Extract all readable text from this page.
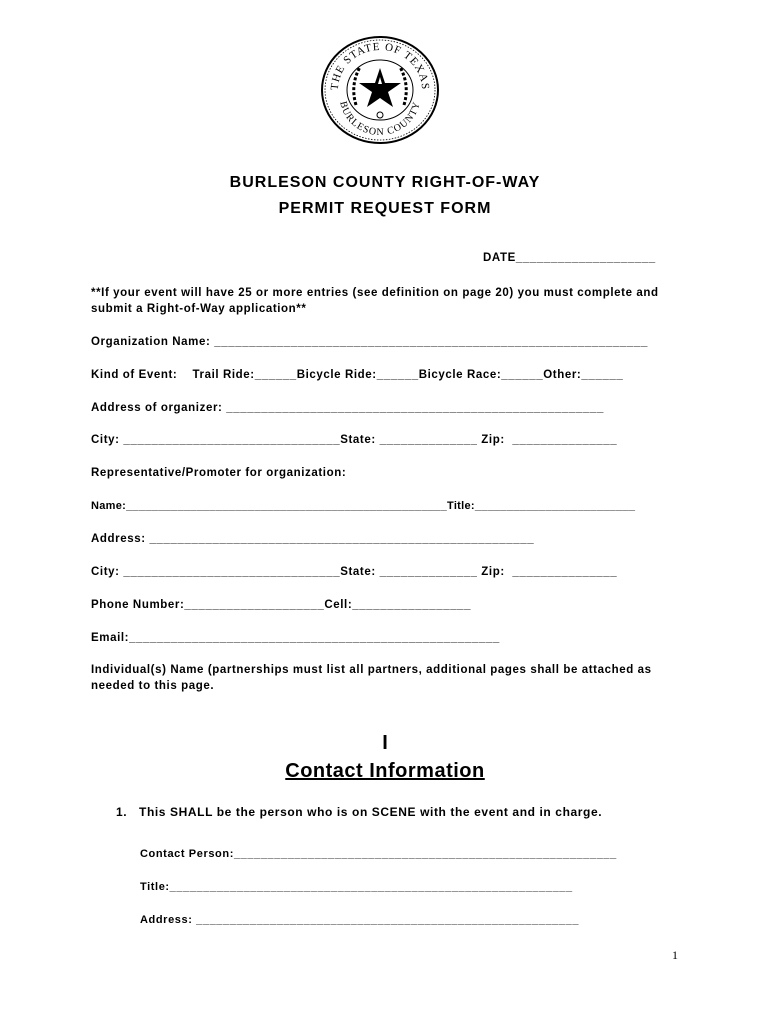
THE STATE OF TEXAS
BURLESON COUNTY
BURLESON COUNTY RIGHT-OF-WAY
PERMIT REQUEST FORM
DATE____________________
**If your event will have 25 or more entries (see definition on page 20) you must complete and
submit a Right-of-Way application**
Organization Name: ______________________________________________________________
Kind of Event:    Trail Ride:______Bicycle Ride:______Bicycle Race:______Other:______
Address of organizer: ______________________________________________________
City: _______________________________State: ______________ Zip:  _______________
Representative/Promoter for organization:
Name:__________________________________________________Title:_________________________
Address: _______________________________________________________
City: _______________________________State: ______________ Zip:  _______________
Phone Number:____________________Cell:_________________
Email:_____________________________________________________
Individual(s) Name (partnerships must list all partners, additional pages shall be attached as
needed to this page.
I
Contact Information
1.   This SHALL be the person who is on SCENE with the event and in charge.
Contact Person:_________________________________________________________
Title:____________________________________________________________
Address: _________________________________________________________
1
